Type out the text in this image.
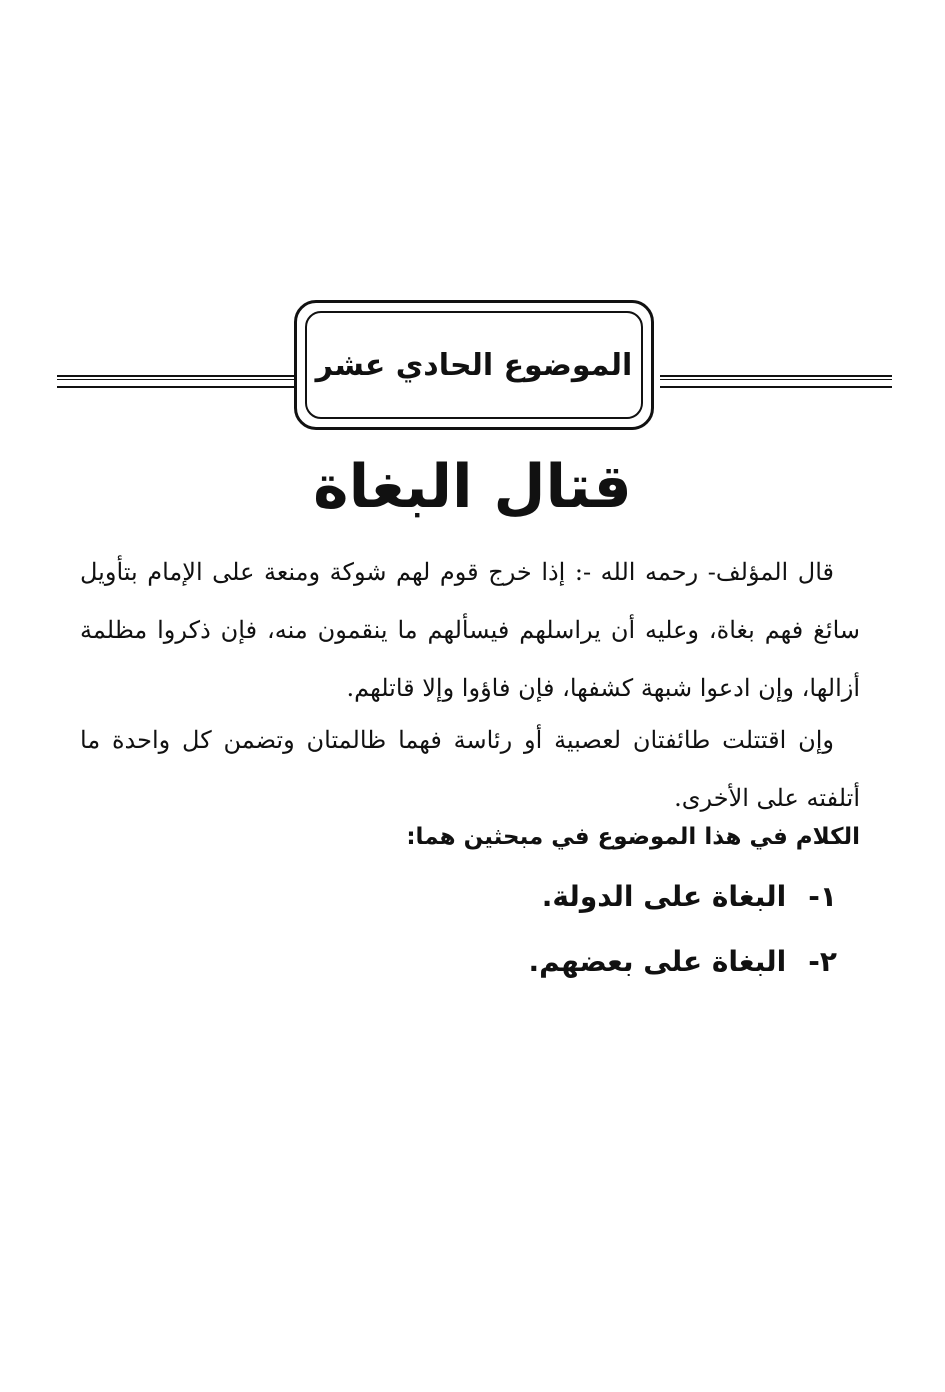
الموضوع الحادي عشر
قتال البغاة

قال المؤلف- رحمه الله -: إذا خرج قوم لهم شوكة ومنعة على الإمام بتأويل سائغ فهم بغاة، وعليه أن يراسلهم فيسألهم ما ينقمون منه، فإن ذكروا مظلمة أزالها، وإن ادعوا شبهة كشفها، فإن فاؤوا وإلا قاتلهم.

وإن اقتتلت طائفتان لعصبية أو رئاسة فهما ظالمتان وتضمن كل واحدة ما أتلفته على الأخرى.

الكلام في هذا الموضوع في مبحثين هما:
١-البغاة على الدولة.
٢-البغاة على بعضهم.
